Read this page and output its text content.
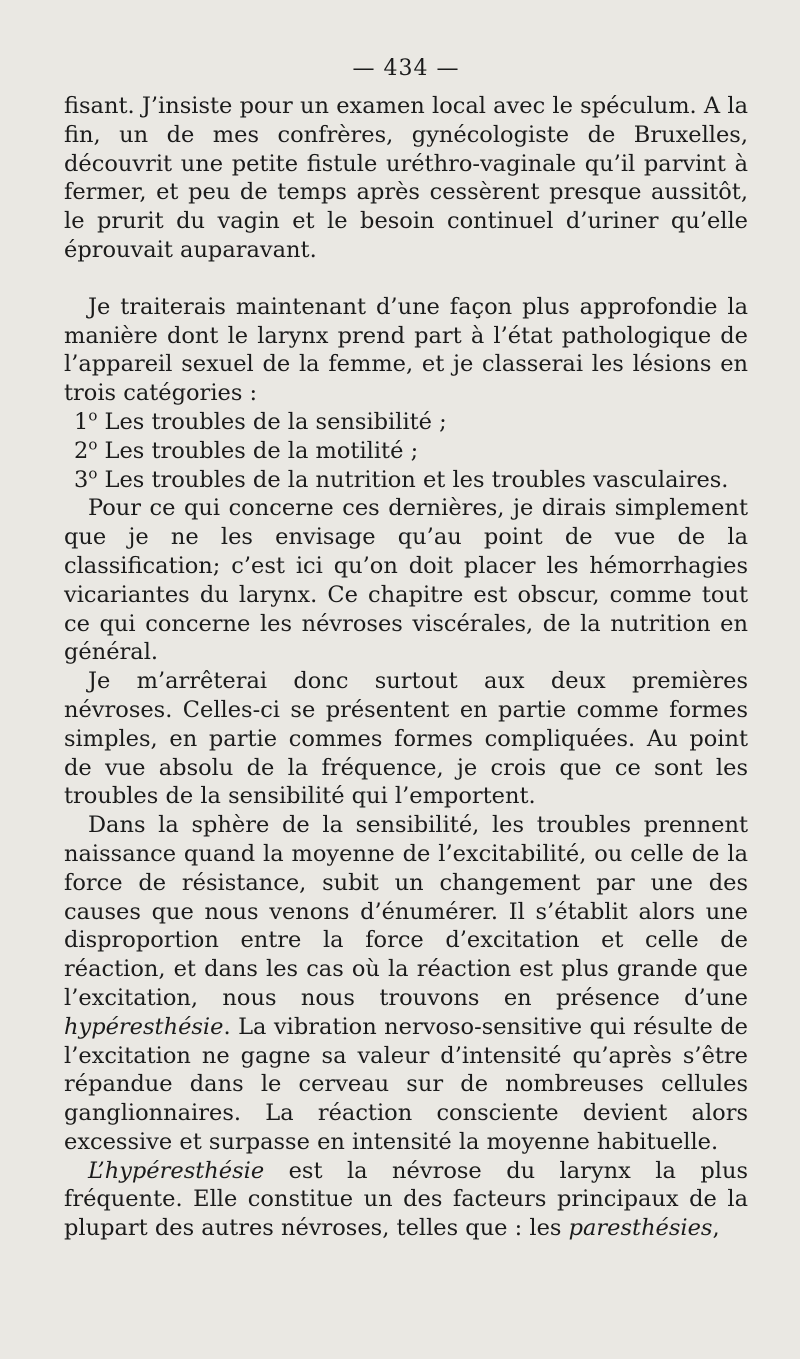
— 434 —

fisant. J’insiste pour un examen local avec le spéculum. A la fin, un de mes confrères, gynécologiste de Bruxelles, découvrit une petite fistule uréthro-vaginale qu’il parvint à fermer, et peu de temps après cessèrent presque aussitôt, le prurit du vagin et le besoin continuel d’uriner qu’elle éprouvait auparavant.

Je traiterais maintenant d’une façon plus approfondie la manière dont le larynx prend part à l’état pathologique de l’appareil sexuel de la femme, et je classerai les lésions en trois catégories :

1$^o$ Les troubles de la sensibilité ;

2$^o$ Les troubles de la motilité ;

3$^o$ Les troubles de la nutrition et les troubles vasculaires.

Pour ce qui concerne ces dernières, je dirais simplement que je ne les envisage qu’au point de vue de la classification; c’est ici qu’on doit placer les hémorrhagies vicariantes du larynx. Ce chapitre est obscur, comme tout ce qui concerne les névroses viscérales, de la nutrition en général.

Je m’arrêterai donc surtout aux deux premières névroses. Celles-ci se présentent en partie comme formes simples, en partie commes formes compliquées. Au point de vue absolu de la fréquence, je crois que ce sont les troubles de la sensibilité qui l’emportent.

Dans la sphère de la sensibilité, les troubles prennent naissance quand la moyenne de l’excitabilité, ou celle de la force de résistance, subit un changement par une des causes que nous venons d’énumérer. Il s’établit alors une disproportion entre la force d’excitation et celle de réaction, et dans les cas où la réaction est plus grande que l’excitation, nous nous trouvons en présence d’une hypéresthésie. La vibration nervoso-sensitive qui résulte de l’excitation ne gagne sa valeur d’intensité qu’après s’être répandue dans le cerveau sur de nombreuses cellules ganglionnaires. La réaction consciente devient alors excessive et surpasse en intensité la moyenne habituelle.

L’hypéresthésie est la névrose du larynx la plus fréquente. Elle constitue un des facteurs principaux de la plupart des autres névroses, telles que : les paresthésies,
